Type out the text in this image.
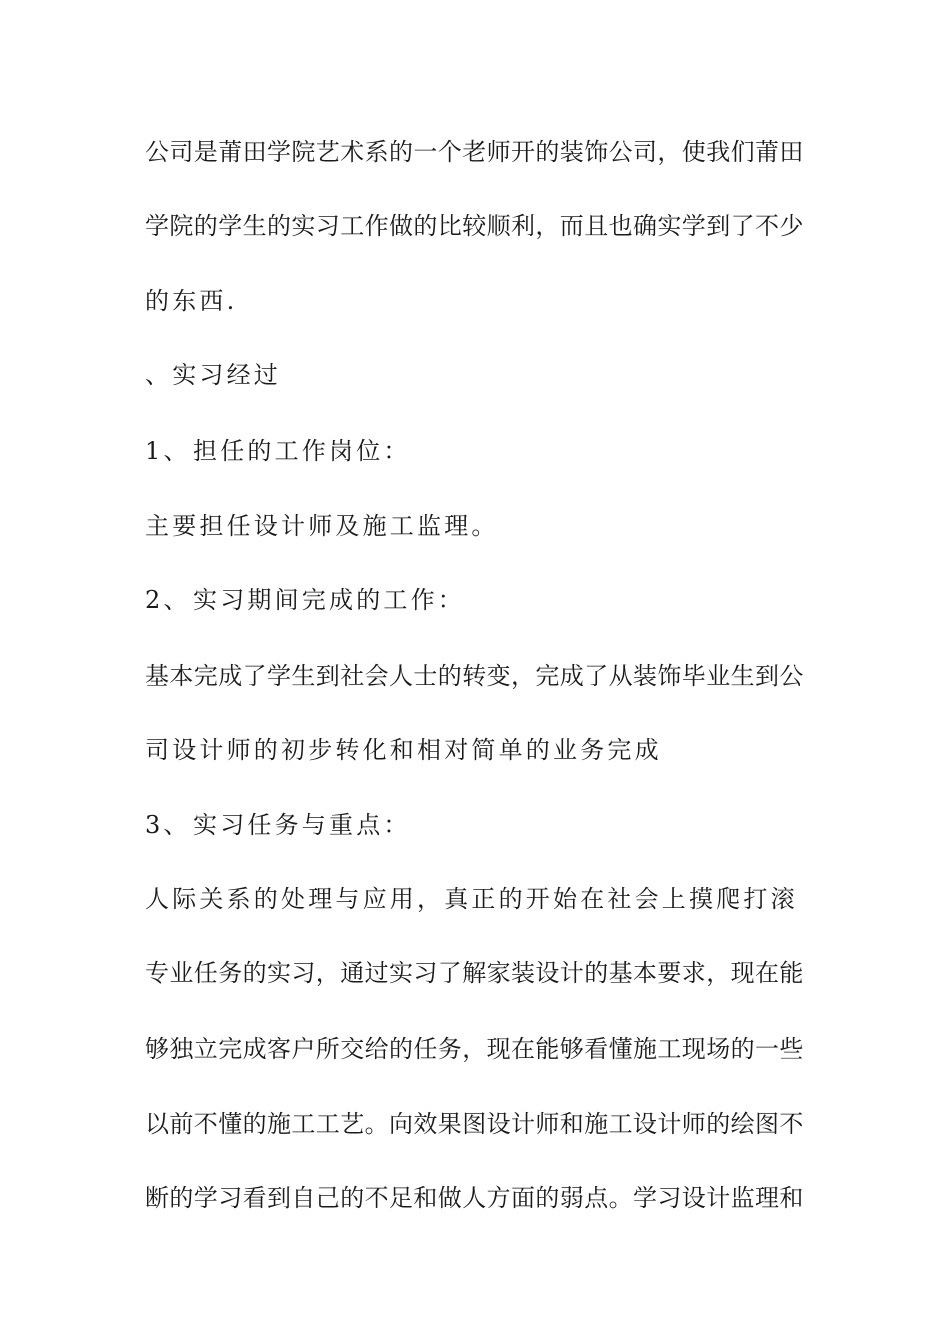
公司是莆田学院艺术系的一个老师开的装饰公司，使我们莆田

学院的学生的实习工作做的比较顺利，而且也确实学到了不少

的东西.

、实习经过

1、担任的工作岗位：

主要担任设计师及施工监理。

2、实习期间完成的工作：

基本完成了学生到社会人士的转变，完成了从装饰毕业生到公

司设计师的初步转化和相对简单的业务完成

3、实习任务与重点：

人际关系的处理与应用，真正的开始在社会上摸爬打滚

专业任务的实习，通过实习了解家装设计的基本要求，现在能

够独立完成客户所交给的任务，现在能够看懂施工现场的一些

以前不懂的施工工艺。向效果图设计师和施工设计师的绘图不

断的学习看到自己的不足和做人方面的弱点。学习设计监理和
